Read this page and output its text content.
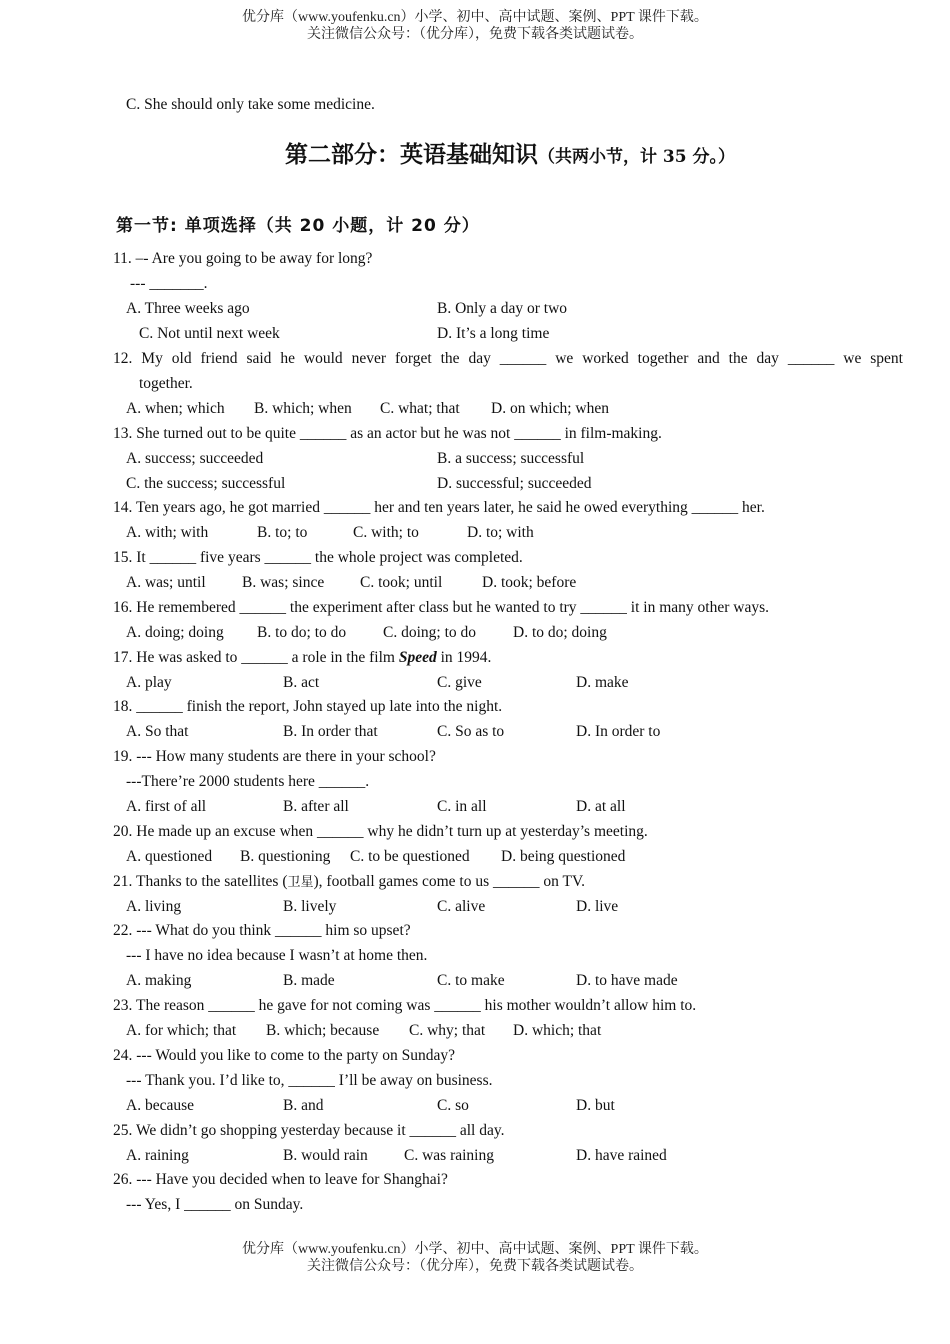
优分库（www.youfenku.cn）小学、初中、高中试题、案例、PPT 课件下载。
关注微信公众号：（优分库），免费下载各类试题试卷。
C. She should only take some medicine.
第二部分：英语基础知识（共两小节，计 35 分。）
第一节: 单项选择（共 20 小题，计 20 分）
11. –- Are you going to be away for long?
--- _______.
A. Three weeks ago	B. Only a day or two
C. Not until next week	D. It’s a long time
12. My old friend said he would never forget the day ______ we worked together and the day ______ we spent
together.
A. when; which B. which; when C. what; that D. on which; when
13. She turned out to be quite ______ as an actor but he was not ______ in film-making.
A. success; succeeded	B. a success; successful
C. the success; successful	D. successful; succeeded
14. Ten years ago, he got married ______ her and ten years later, he said he owed everything ______ her.
A. with; with	B. to; to	C. with; to	D. to; with
15. It ______ five years ______ the whole project was completed.
A. was; until B. was; since C. took; until	D. took; before
16. He remembered ______ the experiment after class but he wanted to try ______ it in many other ways.
A. doing; doing B. to do; to do C. doing; to do D. to do; doing
17. He was asked to ______ a role in the film Speed in 1994.
A. play	B. act	C. give	D. make
18. ______ finish the report, John stayed up late into the night.
A. So that	B. In order that	C. So as to	D. In order to
19. --- How many students are there in your school?
---There’re 2000 students here ______.
A. first of all	B. after all	C. in all	D. at all
20. He made up an excuse when ______ why he didn’t turn up at yesterday’s meeting.
A. questioned B. questioning C. to be questioned D. being questioned
21. Thanks to the satellites (卫星), football games come to us ______ on TV.
A. living	B. lively	C. alive	D. live
22. --- What do you think ______ him so upset?
--- I have no idea because I wasn’t at home then.
A. making	B. made	C. to make	D. to have made
23. The reason ______ he gave for not coming was ______ his mother wouldn’t allow him to.
A. for which; that B. which; because C. why; that D. which; that
24. --- Would you like to come to the party on Sunday?
--- Thank you. I’d like to, ______ I’ll be away on business.
A. because	B. and	C. so	D. but
25. We didn’t go shopping yesterday because it ______ all day.
A. raining	B. would rain C. was raining	D. have rained
26. --- Have you decided when to leave for Shanghai?
--- Yes, I ______ on Sunday.
优分库（www.youfenku.cn）小学、初中、高中试题、案例、PPT 课件下载。
关注微信公众号：（优分库），免费下载各类试题试卷。
